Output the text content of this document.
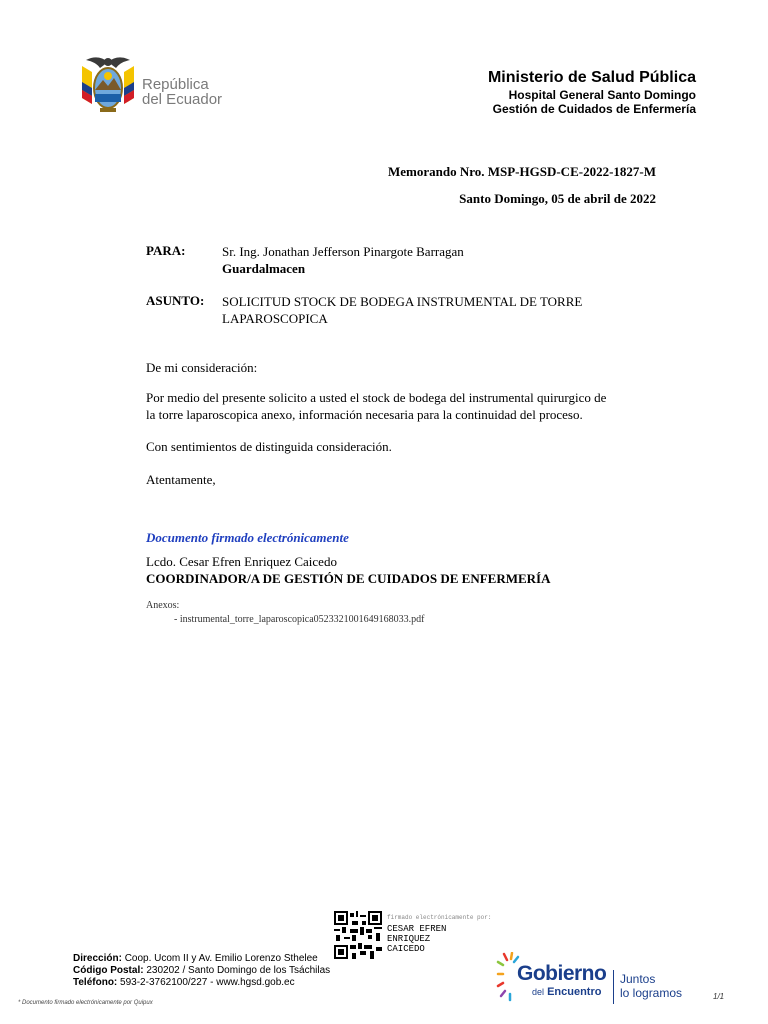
República
del Ecuador
Ministerio de Salud Pública
Hospital General Santo Domingo
Gestión de Cuidados de Enfermería
Memorando Nro. MSP-HGSD-CE-2022-1827-M
Santo Domingo, 05 de abril de 2022
PARA:	Sr. Ing. Jonathan Jefferson Pinargote Barragan
Guardalmacen
ASUNTO: SOLICITUD STOCK DE BODEGA INSTRUMENTAL DE TORRE
LAPAROSCOPICA
De mi consideración:
Por medio del presente solicito a usted el stock de bodega del instrumental quirurgico de
la torre laparoscopica anexo, información necesaria para la continuidad del proceso.
Con sentimientos de distinguida consideración.
Atentamente,
Documento firmado electrónicamente
Lcdo. Cesar Efren Enriquez Caicedo
COORDINADOR/A DE GESTIÓN DE CUIDADOS DE ENFERMERÍA
Anexos:
- instrumental_torre_laparoscopica0523321001649168033.pdf
firmado electrónicamente por:
CESAR EFREN
ENRIQUEZ
CAICEDO
Dirección: Coop. Ucom II y Av. Emilio Lorenzo Sthelee
Código Postal: 230202 / Santo Domingo de los Tsáchilas
Teléfono: 593-2-3762100/227 - www.hgsd.gob.ec
* Documento firmado electrónicamente por Quipux
Gobierno
del Encuentro
Juntos
lo logramos	1/1
